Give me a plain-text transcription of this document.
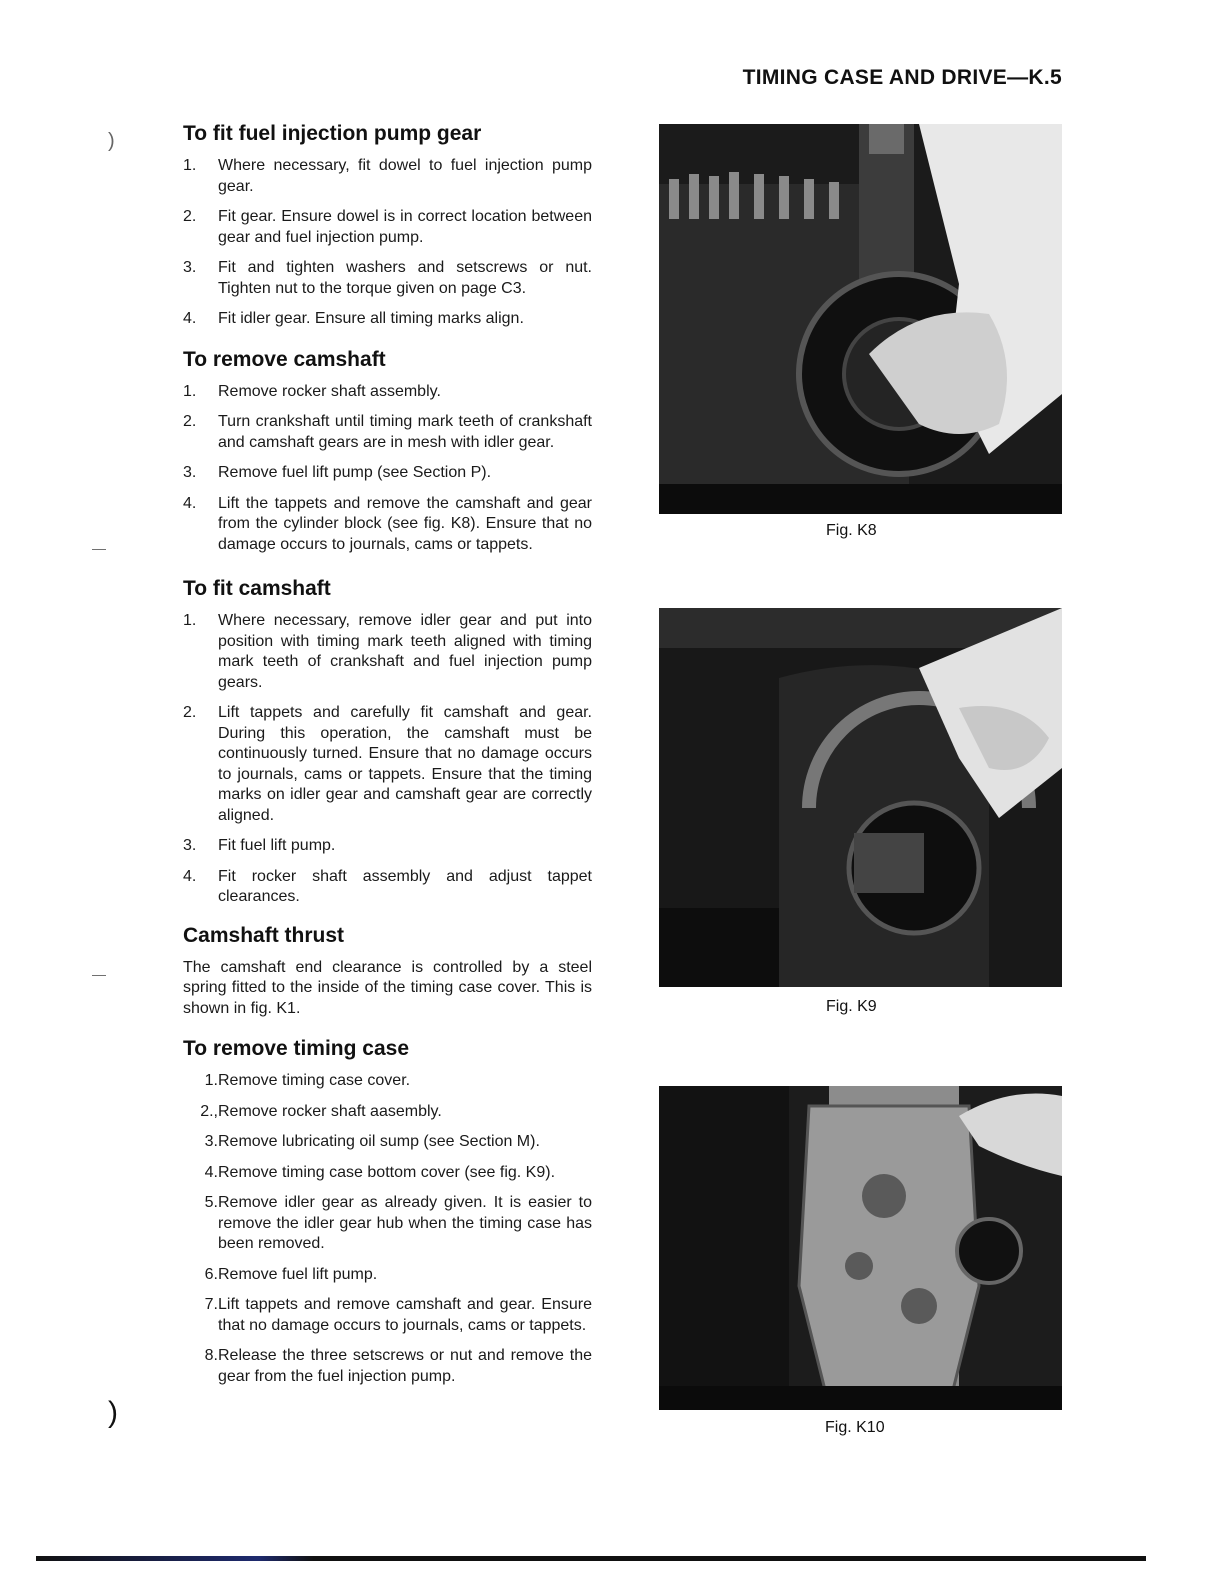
TIMING CASE AND DRIVE—K.5
To fit fuel injection pump gear
1.	Where necessary, fit dowel to fuel injection pump gear.
2.	Fit gear. Ensure dowel is in correct location between gear and fuel injection pump.
3.	Fit and tighten washers and setscrews or nut. Tighten nut to the torque given on page C3.
4.	Fit idler gear. Ensure all timing marks align.
To remove camshaft
1.	Remove rocker shaft assembly.
2.	Turn crankshaft until timing mark teeth of crankshaft and camshaft gears are in mesh with idler gear.
3.	Remove fuel lift pump (see Section P).
4.	Lift the tappets and remove the camshaft and gear from the cylinder block (see fig. K8). Ensure that no damage occurs to journals, cams or tappets.
To fit camshaft
1.	Where necessary, remove idler gear and put into position with timing mark teeth aligned with timing mark teeth of crankshaft and fuel injection pump gears.
2.	Lift tappets and carefully fit camshaft and gear. During this operation, the camshaft must be continuously turned. Ensure that no damage occurs to journals, cams or tappets. Ensure that the timing marks on idler gear and camshaft gear are correctly aligned.
3.	Fit fuel lift pump.
4.	Fit rocker shaft assembly and adjust tappet clearances.
Camshaft thrust

The camshaft end clearance is controlled by a steel spring fitted to the inside of the timing case cover. This is shown in fig. K1.

To remove timing case
1. Remove timing case cover.
2., Remove rocker shaft aasembly.
3. Remove lubricating oil sump (see Section M).
4. Remove timing case bottom cover (see fig. K9).
5. Remove idler gear as already given. It is easier to remove the idler gear hub when the timing case has been removed.
6. Remove fuel lift pump.
7. Lift tappets and remove camshaft and gear. Ensure that no damage occurs to journals, cams or tappets.
8. Release the three setscrews or nut and remove the gear from the fuel injection pump.
Fig. K8
Fig. K9
Fig. K10
)
—
—
)
